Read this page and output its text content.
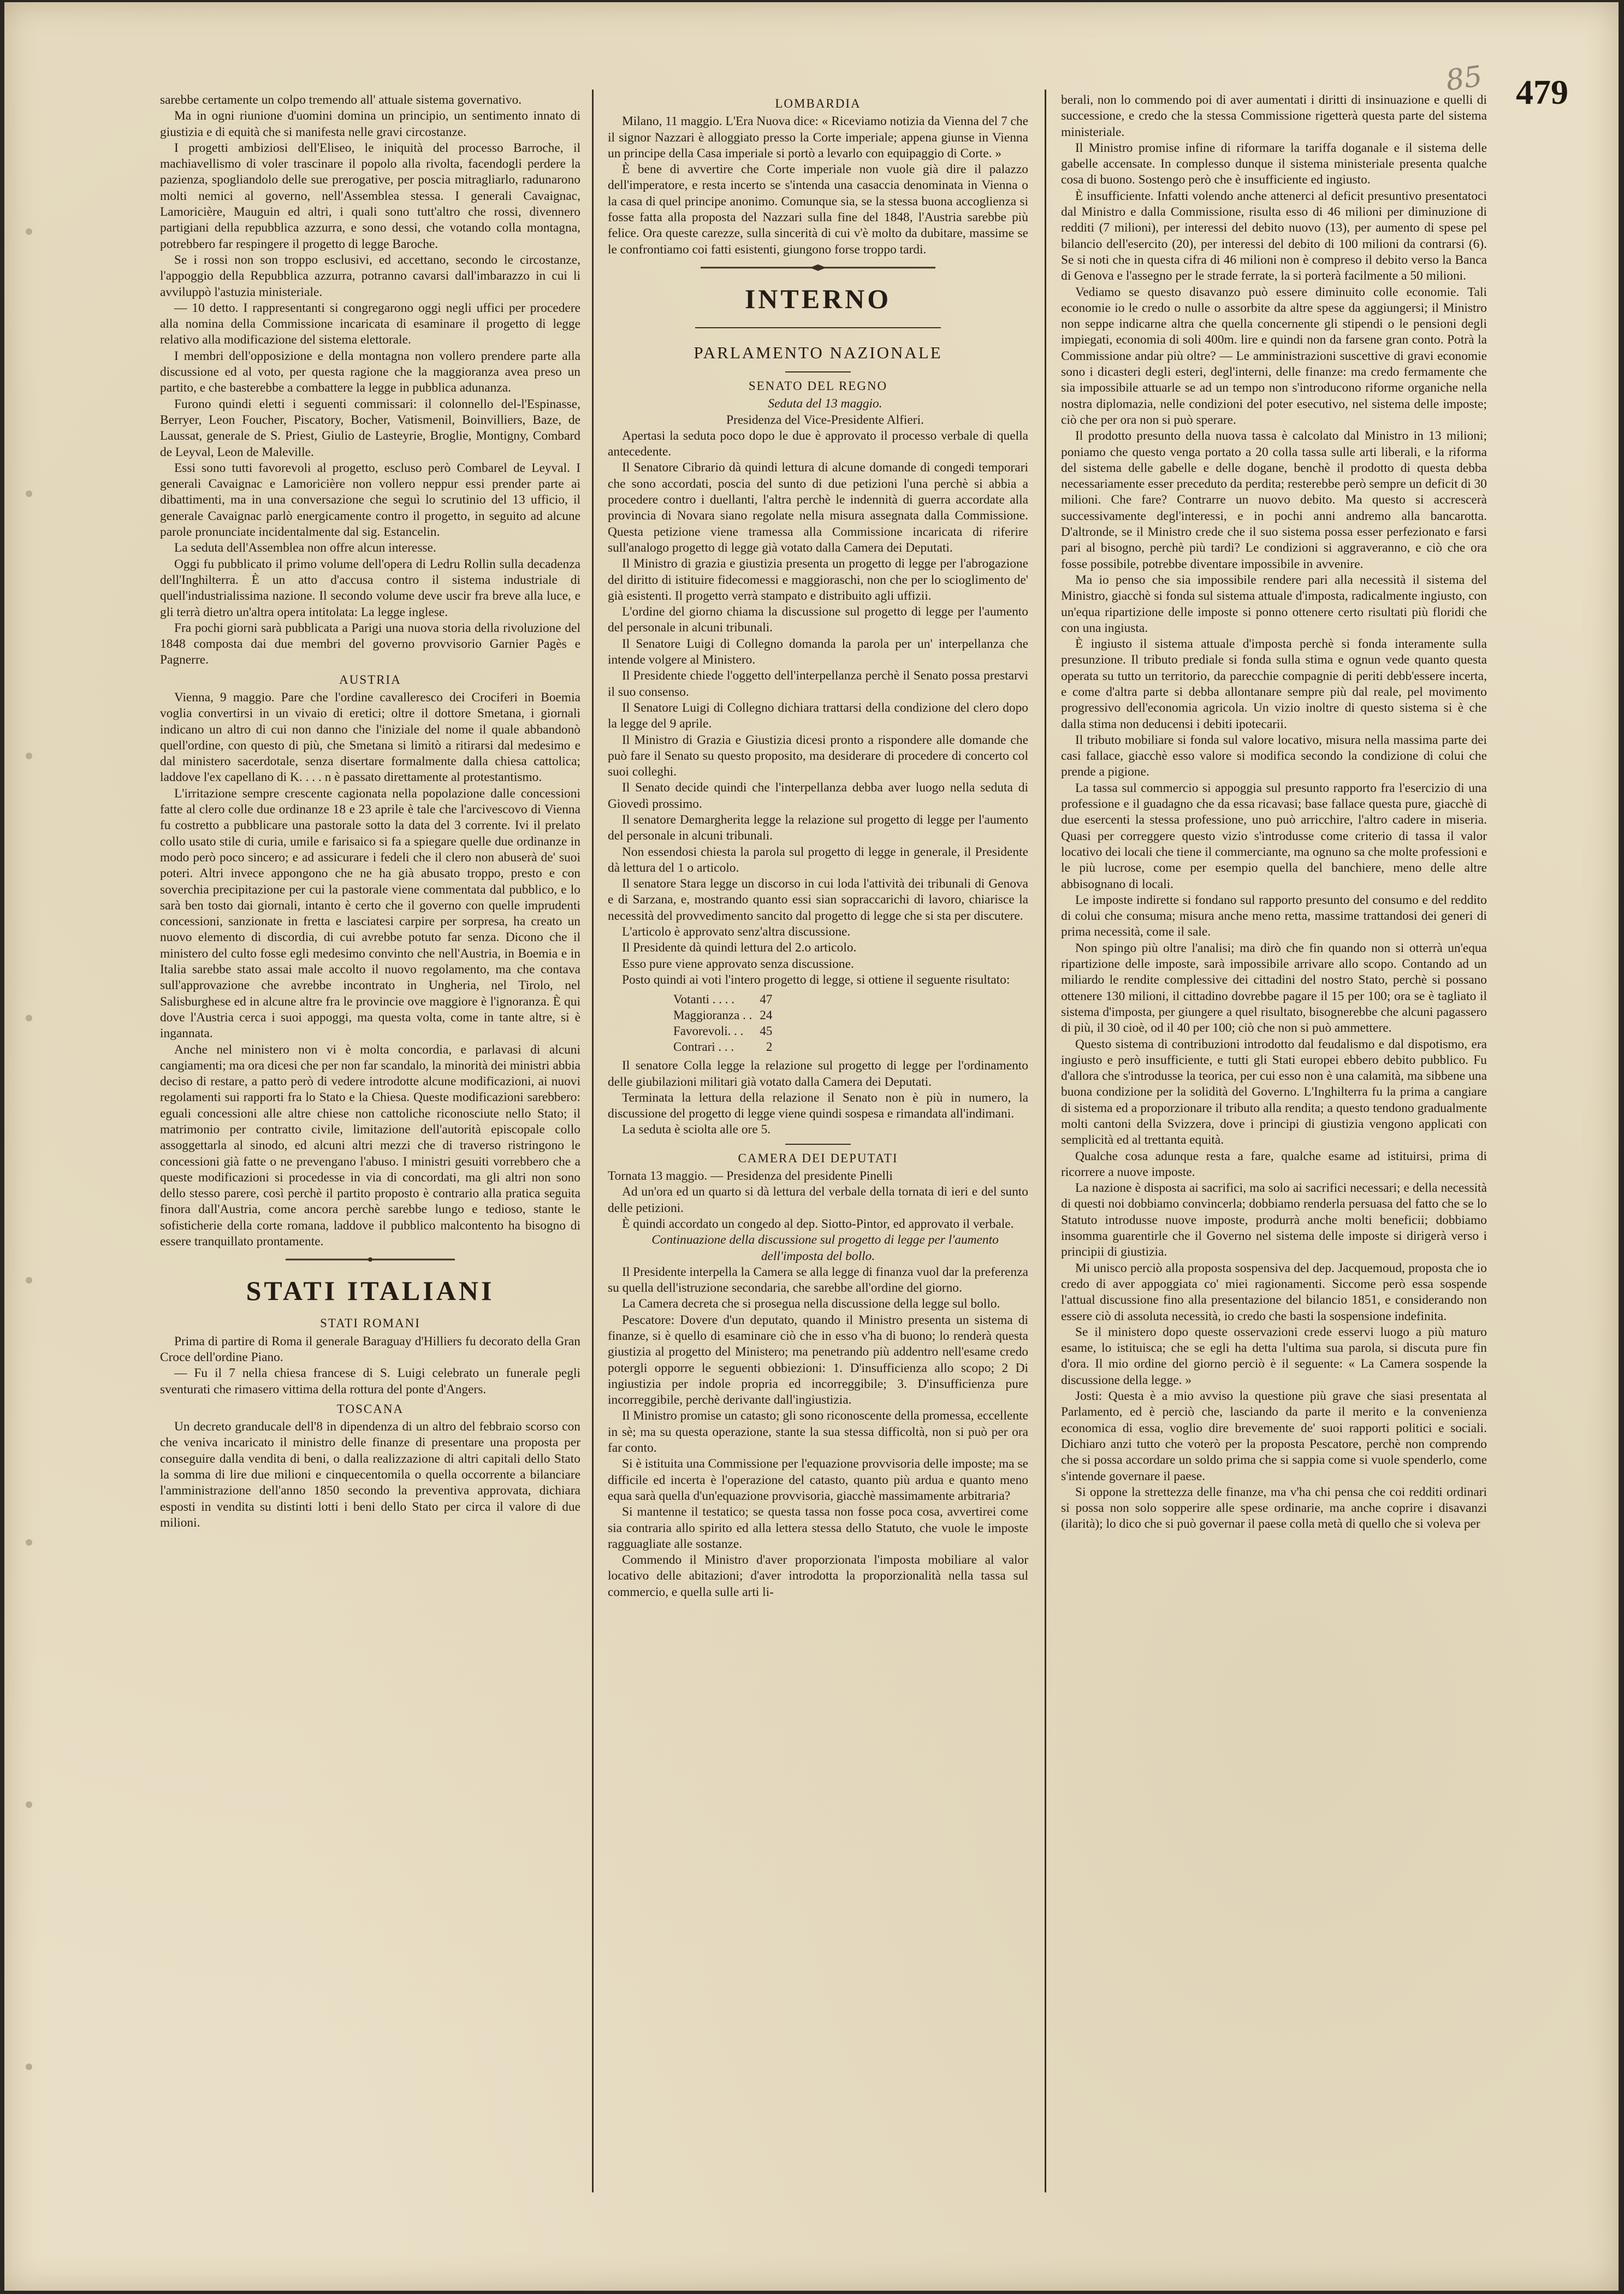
85 479

sarebbe certamente un colpo tremendo all' attuale sistema governativo.

Ma in ogni riunione d'uomini domina un principio, un sentimento innato di giustizia e di equità che si manifesta nelle gravi circostanze.

I progetti ambiziosi dell'Eliseo, le iniquità del processo Barroche, il machiavellismo di voler trascinare il popolo alla rivolta, facendogli perdere la pazienza, spogliandolo delle sue prerogative, per poscia mitragliarlo, radunarono molti nemici al governo, nell'Assemblea stessa. I generali Cavaignac, Lamoricière, Mauguin ed altri, i quali sono tutt'altro che rossi, divennero partigiani della repubblica azzurra, e sono dessi, che votando colla montagna, potrebbero far respingere il progetto di legge Baroche.

Se i rossi non son troppo esclusivi, ed accettano, secondo le circostanze, l'appoggio della Repubblica azzurra, potranno cavarsi dall'imbarazzo in cui li avviluppò l'astuzia ministeriale.

— 10 detto. I rappresentanti si congregarono oggi negli uffici per procedere alla nomina della Commissione incaricata di esaminare il progetto di legge relativo alla modificazione del sistema elettorale.

I membri dell'opposizione e della montagna non vollero prendere parte alla discussione ed al voto, per questa ragione che la maggioranza avea preso un partito, e che basterebbe a combattere la legge in pubblica adunanza.

Furono quindi eletti i seguenti commissari: il colonnello del-l'Espinasse, Berryer, Leon Foucher, Piscatory, Bocher, Vatismenil, Boinvilliers, Baze, de Laussat, generale de S. Priest, Giulio de Lasteyrie, Broglie, Montigny, Combard de Leyval, Leon de Maleville.

Essi sono tutti favorevoli al progetto, escluso però Combarel de Leyval. I generali Cavaignac e Lamoricière non vollero neppur essi prender parte ai dibattimenti, ma in una conversazione che seguì lo scrutinio del 13 ufficio, il generale Cavaignac parlò energicamente contro il progetto, in seguito ad alcune parole pronunciate incidentalmente dal sig. Estancelin.

La seduta dell'Assemblea non offre alcun interesse.

Oggi fu pubblicato il primo volume dell'opera di Ledru Rollin sulla decadenza dell'Inghilterra. È un atto d'accusa contro il sistema industriale di quell'industrialissima nazione. Il secondo volume deve uscir fra breve alla luce, e gli terrà dietro un'altra opera intitolata: La legge inglese.

Fra pochi giorni sarà pubblicata a Parigi una nuova storia della rivoluzione del 1848 composta dai due membri del governo provvisorio Garnier Pagès e Pagnerre.

AUSTRIA

Vienna, 9 maggio. Pare che l'ordine cavalleresco dei Crociferi in Boemia voglia convertirsi in un vivaio di eretici; oltre il dottore Smetana, i giornali indicano un altro di cui non danno che l'iniziale del nome il quale abbandonò quell'ordine, con questo di più, che Smetana si limitò a ritirarsi dal medesimo e dal ministero sacerdotale, senza disertare formalmente dalla chiesa cattolica; laddove l'ex capellano di K. . . . n è passato direttamente al protestantismo.

L'irritazione sempre crescente cagionata nella popolazione dalle concessioni fatte al clero colle due ordinanze 18 e 23 aprile è tale che l'arcivescovo di Vienna fu costretto a pubblicare una pastorale sotto la data del 3 corrente. Ivi il prelato collo usato stile di curia, umile e farisaico si fa a spiegare quelle due ordinanze in modo però poco sincero; e ad assicurare i fedeli che il clero non abuserà de' suoi poteri. Altri invece appongono che ne ha già abusato troppo, presto e con soverchia precipitazione per cui la pastorale viene commentata dal pubblico, e lo sarà ben tosto dai giornali, intanto è certo che il governo con quelle imprudenti concessioni, sanzionate in fretta e lasciatesi carpire per sorpresa, ha creato un nuovo elemento di discordia, di cui avrebbe potuto far senza. Dicono che il ministero del culto fosse egli medesimo convinto che nell'Austria, in Boemia e in Italia sarebbe stato assai male accolto il nuovo regolamento, ma che contava sull'approvazione che avrebbe incontrato in Ungheria, nel Tirolo, nel Salisburghese ed in alcune altre fra le provincie ove maggiore è l'ignoranza. È qui dove l'Austria cerca i suoi appoggi, ma questa volta, come in tante altre, si è ingannata.

Anche nel ministero non vi è molta concordia, e parlavasi di alcuni cangiamenti; ma ora dicesi che per non far scandalo, la minorità dei ministri abbia deciso di restare, a patto però di vedere introdotte alcune modificazioni, ai nuovi regolamenti sui rapporti fra lo Stato e la Chiesa. Queste modificazioni sarebbero: eguali concessioni alle altre chiese non cattoliche riconosciute nello Stato; il matrimonio per contratto civile, limitazione dell'autorità episcopale collo assoggettarla al sinodo, ed alcuni altri mezzi che di traverso ristringono le concessioni già fatte o ne prevengano l'abuso. I ministri gesuiti vorrebbero che a queste modificazioni si procedesse in via di concordati, ma gli altri non sono dello stesso parere, così perchè il partito proposto è contrario alla pratica seguita finora dall'Austria, come ancora perchè sarebbe lungo e tedioso, stante le sofisticherie della corte romana, laddove il pubblico malcontento ha bisogno di essere tranquillato prontamente.

STATI ITALIANI
STATI ROMANI

Prima di partire di Roma il generale Baraguay d'Hilliers fu decorato della Gran Croce dell'ordine Piano.

— Fu il 7 nella chiesa francese di S. Luigi celebrato un funerale pegli sventurati che rimasero vittima della rottura del ponte d'Angers.

TOSCANA

Un decreto granducale dell'8 in dipendenza di un altro del febbraio scorso con che veniva incaricato il ministro delle finanze di presentare una proposta per conseguire dalla vendita di beni, o dalla realizzazione di altri capitali dello Stato la somma di lire due milioni e cinquecentomila o quella occorrente a bilanciare l'amministrazione dell'anno 1850 secondo la preventiva approvata, dichiara esposti in vendita su distinti lotti i beni dello Stato per circa il valore di due milioni.

LOMBARDIA

Milano, 11 maggio. L'Era Nuova dice: « Riceviamo notizia da Vienna del 7 che il signor Nazzari è alloggiato presso la Corte imperiale; appena giunse in Vienna un principe della Casa imperiale si portò a levarlo con equipaggio di Corte. »

È bene di avvertire che Corte imperiale non vuole già dire il palazzo dell'imperatore, e resta incerto se s'intenda una casaccia denominata in Vienna o la casa di quel principe anonimo. Comunque sia, se la stessa buona accoglienza si fosse fatta alla proposta del Nazzari sulla fine del 1848, l'Austria sarebbe più felice. Ora queste carezze, sulla sincerità di cui v'è molto da dubitare, massime se le confrontiamo coi fatti esistenti, giungono forse troppo tardi.

INTERNO
PARLAMENTO NAZIONALE
SENATO DEL REGNO

Seduta del 13 maggio.

Presidenza del Vice-Presidente Alfieri.

Apertasi la seduta poco dopo le due è approvato il processo verbale di quella antecedente.

Il Senatore Cibrario dà quindi lettura di alcune domande di congedi temporari che sono accordati, poscia del sunto di due petizioni l'una perchè si abbia a procedere contro i duellanti, l'altra perchè le indennità di guerra accordate alla provincia di Novara siano regolate nella misura assegnata dalla Commissione. Questa petizione viene tramessa alla Commissione incaricata di riferire sull'analogo progetto di legge già votato dalla Camera dei Deputati.

Il Ministro di grazia e giustizia presenta un progetto di legge per l'abrogazione del diritto di istituire fidecomessi e maggioraschi, non che per lo scioglimento de' già esistenti. Il progetto verrà stampato e distribuito agli uffizii.

L'ordine del giorno chiama la discussione sul progetto di legge per l'aumento del personale in alcuni tribunali.

Il Senatore Luigi di Collegno domanda la parola per un' interpellanza che intende volgere al Ministero.

Il Presidente chiede l'oggetto dell'interpellanza perchè il Senato possa prestarvi il suo consenso.

Il Senatore Luigi di Collegno dichiara trattarsi della condizione del clero dopo la legge del 9 aprile.

Il Ministro di Grazia e Giustizia dicesi pronto a rispondere alle domande che può fare il Senato su questo proposito, ma desiderare di procedere di concerto col suoi colleghi.

Il Senato decide quindi che l'interpellanza debba aver luogo nella seduta di Giovedì prossimo.

Il senatore Demargherita legge la relazione sul progetto di legge per l'aumento del personale in alcuni tribunali.

Non essendosi chiesta la parola sul progetto di legge in generale, il Presidente dà lettura del 1 o articolo.

Il senatore Stara legge un discorso in cui loda l'attività dei tribunali di Genova e di Sarzana, e, mostrando quanto essi sian sopraccarichi di lavoro, chiarisce la necessità del provvedimento sancito dal progetto di legge che si sta per discutere.

L'articolo è approvato senz'altra discussione.

Il Presidente dà quindi lettura del 2.o articolo.

Esso pure viene approvato senza discussione.

Posto quindi ai voti l'intero progetto di legge, si ottiene il seguente risultato:

Votanti . . . .	47
Maggioranza . .	24
Favorevoli. . .	45
Contrari . . .	2

Il senatore Colla legge la relazione sul progetto di legge per l'ordinamento delle giubilazioni militari già votato dalla Camera dei Deputati.

Terminata la lettura della relazione il Senato non è più in numero, la discussione del progetto di legge viene quindi sospesa e rimandata all'indimani.

La seduta è sciolta alle ore 5.

CAMERA DEI DEPUTATI

Tornata 13 maggio. — Presidenza del presidente Pinelli

Ad un'ora ed un quarto si dà lettura del verbale della tornata di ieri e del sunto delle petizioni.

È quindi accordato un congedo al dep. Siotto-Pintor, ed approvato il verbale.

Continuazione della discussione sul progetto di legge per l'aumento dell'imposta del bollo.

Il Presidente interpella la Camera se alla legge di finanza vuol dar la preferenza su quella dell'istruzione secondaria, che sarebbe all'ordine del giorno.

La Camera decreta che si prosegua nella discussione della legge sul bollo.

Pescatore: Dovere d'un deputato, quando il Ministro presenta un sistema di finanze, si è quello di esaminare ciò che in esso v'ha di buono; lo renderà questa giustizia al progetto del Ministero; ma penetrando più addentro nell'esame credo potergli opporre le seguenti obbiezioni: 1. D'insufficienza allo scopo; 2 Di ingiustizia per indole propria ed incorreggibile; 3. D'insufficienza pure incorreggibile, perchè derivante dall'ingiustizia.

Il Ministro promise un catasto; gli sono riconoscente della promessa, eccellente in sè; ma su questa operazione, stante la sua stessa difficoltà, non si può per ora far conto.

Si è istituita una Commissione per l'equazione provvisoria delle imposte; ma se difficile ed incerta è l'operazione del catasto, quanto più ardua e quanto meno equa sarà quella d'un'equazione provvisoria, giacchè massimamente arbitraria?

Si mantenne il testatico; se questa tassa non fosse poca cosa, avvertirei come sia contraria allo spirito ed alla lettera stessa dello Statuto, che vuole le imposte ragguagliate alle sostanze.

Commendo il Ministro d'aver proporzionata l'imposta mobiliare al valor locativo delle abitazioni; d'aver introdotta la proporzionalità nella tassa sul commercio, e quella sulle arti li-

berali, non lo commendo poi di aver aumentati i diritti di insinuazione e quelli di successione, e credo che la stessa Commissione rigetterà questa parte del sistema ministeriale.

Il Ministro promise infine di riformare la tariffa doganale e il sistema delle gabelle accensate. In complesso dunque il sistema ministeriale presenta qualche cosa di buono. Sostengo però che è insufficiente ed ingiusto.

È insufficiente. Infatti volendo anche attenerci al deficit presuntivo presentatoci dal Ministro e dalla Commissione, risulta esso di 46 milioni per diminuzione di redditi (7 milioni), per interessi del debito nuovo (13), per aumento di spese pel bilancio dell'esercito (20), per interessi del debito di 100 milioni da contrarsi (6). Se si noti che in questa cifra di 46 milioni non è compreso il debito verso la Banca di Genova e l'assegno per le strade ferrate, la si porterà facilmente a 50 milioni.

Vediamo se questo disavanzo può essere diminuito colle economie. Tali economie io le credo o nulle o assorbite da altre spese da aggiungersi; il Ministro non seppe indicarne altra che quella concernente gli stipendi o le pensioni degli impiegati, economia di soli 400m. lire e quindi non da farsene gran conto. Potrà la Commissione andar più oltre? — Le amministrazioni suscettive di gravi economie sono i dicasteri degli esteri, degl'interni, delle finanze: ma credo fermamente che sia impossibile attuarle se ad un tempo non s'introducono riforme organiche nella nostra diplomazia, nelle condizioni del poter esecutivo, nel sistema delle imposte; ciò che per ora non si può sperare.

Il prodotto presunto della nuova tassa è calcolato dal Ministro in 13 milioni; poniamo che questo venga portato a 20 colla tassa sulle arti liberali, e la riforma del sistema delle gabelle e delle dogane, benchè il prodotto di questa debba necessariamente esser preceduto da perdita; resterebbe però sempre un deficit di 30 milioni. Che fare? Contrarre un nuovo debito. Ma questo si accrescerà successivamente degl'interessi, e in pochi anni andremo alla bancarotta. D'altronde, se il Ministro crede che il suo sistema possa esser perfezionato e farsi pari al bisogno, perchè più tardi? Le condizioni si aggraveranno, e ciò che ora fosse possibile, potrebbe diventare impossibile in avvenire.

Ma io penso che sia impossibile rendere pari alla necessità il sistema del Ministro, giacchè si fonda sul sistema attuale d'imposta, radicalmente ingiusto, con un'equa ripartizione delle imposte si ponno ottenere certo risultati più floridi che con una ingiusta.

È ingiusto il sistema attuale d'imposta perchè si fonda interamente sulla presunzione. Il tributo prediale si fonda sulla stima e ognun vede quanto questa operata su tutto un territorio, da parecchie compagnie di periti debb'essere incerta, e come d'altra parte si debba allontanare sempre più dal reale, pel movimento progressivo dell'economia agricola. Un vizio inoltre di questo sistema si è che dalla stima non deducensi i debiti ipotecarii.

Il tributo mobiliare si fonda sul valore locativo, misura nella massima parte dei casi fallace, giacchè esso valore si modifica secondo la condizione di colui che prende a pigione.

La tassa sul commercio si appoggia sul presunto rapporto fra l'esercizio di una professione e il guadagno che da essa ricavasi; base fallace questa pure, giacchè di due esercenti la stessa professione, uno può arricchire, l'altro cadere in miseria. Quasi per correggere questo vizio s'introdusse come criterio di tassa il valor locativo dei locali che tiene il commerciante, ma ognuno sa che molte professioni e le più lucrose, come per esempio quella del banchiere, meno delle altre abbisognano di locali.

Le imposte indirette si fondano sul rapporto presunto del consumo e del reddito di colui che consuma; misura anche meno retta, massime trattandosi dei generi di prima necessità, come il sale.

Non spingo più oltre l'analisi; ma dirò che fin quando non si otterrà un'equa ripartizione delle imposte, sarà impossibile arrivare allo scopo. Contando ad un miliardo le rendite complessive dei cittadini del nostro Stato, perchè si possano ottenere 130 milioni, il cittadino dovrebbe pagare il 15 per 100; ora se è tagliato il sistema d'imposta, per giungere a quel risultato, bisognerebbe che alcuni pagassero di più, il 30 cioè, od il 40 per 100; ciò che non si può ammettere.

Questo sistema di contribuzioni introdotto dal feudalismo e dal dispotismo, era ingiusto e però insufficiente, e tutti gli Stati europei ebbero debito pubblico. Fu d'allora che s'introdusse la teorica, per cui esso non è una calamità, ma sibbene una buona condizione per la solidità del Governo. L'Inghilterra fu la prima a cangiare di sistema ed a proporzionare il tributo alla rendita; a questo tendono gradualmente molti cantoni della Svizzera, dove i principi di giustizia vengono applicati con semplicità ed al trettanta equità.

Qualche cosa adunque resta a fare, qualche esame ad istituirsi, prima di ricorrere a nuove imposte.

La nazione è disposta ai sacrifici, ma solo ai sacrifici necessari; e della necessità di questi noi dobbiamo convincerla; dobbiamo renderla persuasa del fatto che se lo Statuto introdusse nuove imposte, produrrà anche molti beneficii; dobbiamo insomma guarentirle che il Governo nel sistema delle imposte si dirigerà verso i principii di giustizia.

Mi unisco perciò alla proposta sospensiva del dep. Jacquemoud, proposta che io credo di aver appoggiata co' miei ragionamenti. Siccome però essa sospende l'attual discussione fino alla presentazione del bilancio 1851, e considerando non essere ciò di assoluta necessità, io credo che basti la sospensione indefinita.

Se il ministero dopo queste osservazioni crede esservi luogo a più maturo esame, lo istituisca; che se egli ha detta l'ultima sua parola, si discuta pure fin d'ora. Il mio ordine del giorno perciò è il seguente: « La Camera sospende la discussione della legge. »

Josti: Questa è a mio avviso la questione più grave che siasi presentata al Parlamento, ed è perciò che, lasciando da parte il merito e la convenienza economica di essa, voglio dire brevemente de' suoi rapporti politici e sociali. Dichiaro anzi tutto che voterò per la proposta Pescatore, perchè non comprendo che si possa accordare un soldo prima che si sappia come si vuole spenderlo, come s'intende governare il paese.

Si oppone la strettezza delle finanze, ma v'ha chi pensa che coi redditi ordinari si possa non solo sopperire alle spese ordinarie, ma anche coprire i disavanzi (ilarità); lo dico che si può governar il paese colla metà di quello che si voleva per
